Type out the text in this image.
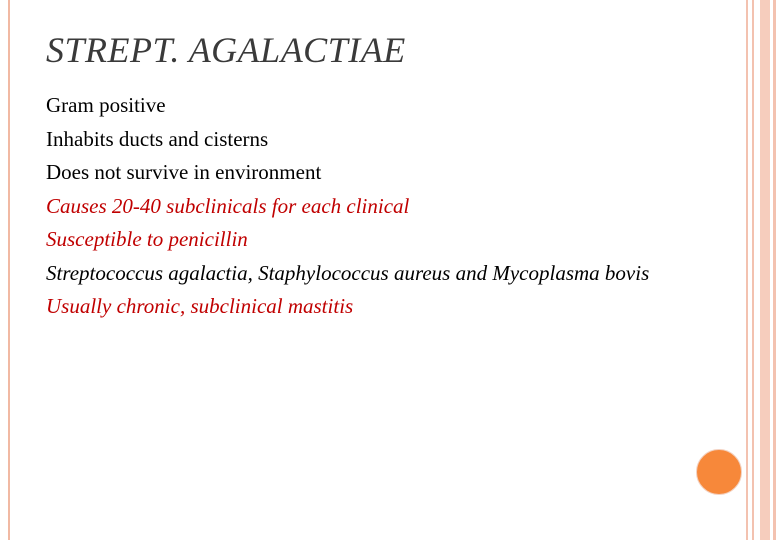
STREPT. AGALACTIAE
Gram positive
Inhabits ducts and cisterns
Does not survive in environment
Causes 20-40 subclinicals for each clinical
Susceptible to penicillin
Streptococcus agalactia, Staphylococcus aureus and Mycoplasma bovis
Usually chronic, subclinical mastitis
